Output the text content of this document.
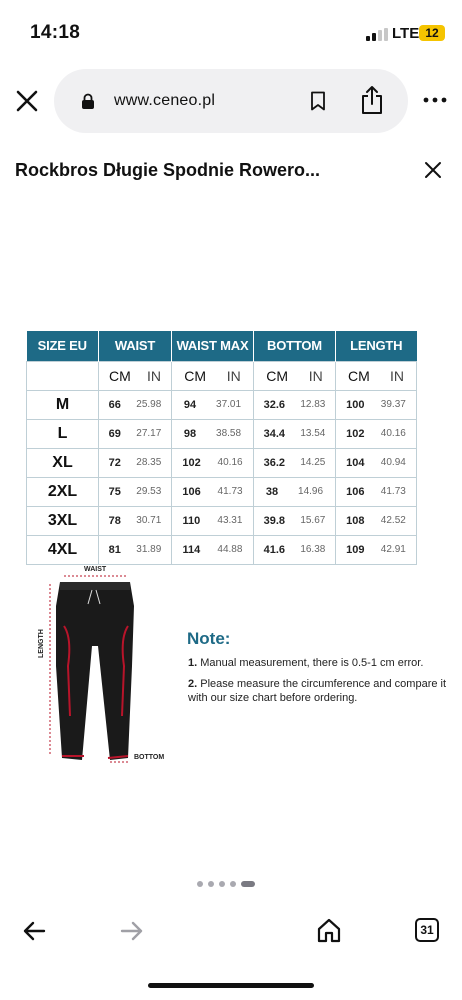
14:18	LTE 12
www.ceneo.pl
Rockbros Długie Spodnie Rowero...
SIZE EU	WAIST	WAIST MAX	BOTTOM	LENGTH

	CM IN	CM IN	CM IN	CM IN

M	66 25.98	94 37.01	32.6 12.83	100 39.37

L	69 27.17	98 38.58	34.4 13.54	102 40.16

XL	72 28.35	102 40.16	36.2 14.25	104 40.94

2XL	75 29.53	106 41.73	38 14.96	106 41.73

3XL	78 30.71	110 43.31	39.8 15.67	108 42.52

4XL	81 31.89	114 44.88	41.6 16.38	109 42.91
WAIST
LENGTH
BOTTOM
Note:
1. Manual measurement, there is 0.5-1 cm error.
2. Please measure the circumference and compare it with our size chart before ordering.
31
